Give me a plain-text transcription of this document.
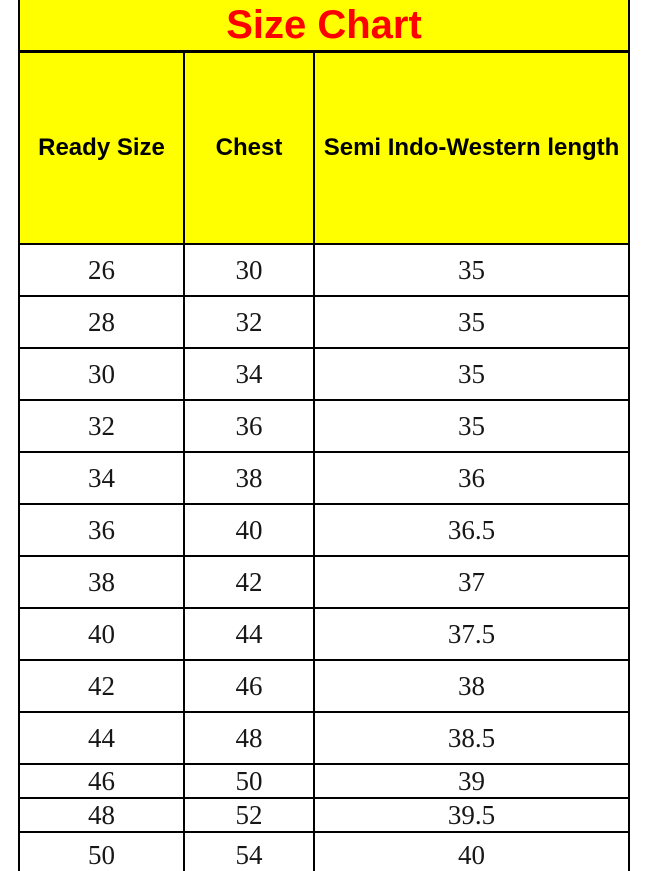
Size Chart		
Ready Size	Chest	Semi Indo-Western length
26	30	35
28	32	35
30	34	35
32	36	35
34	38	36
36	40	36.5
38	42	37
40	44	37.5
42	46	38
44	48	38.5
46	50	39
48	52	39.5
50	54	40
